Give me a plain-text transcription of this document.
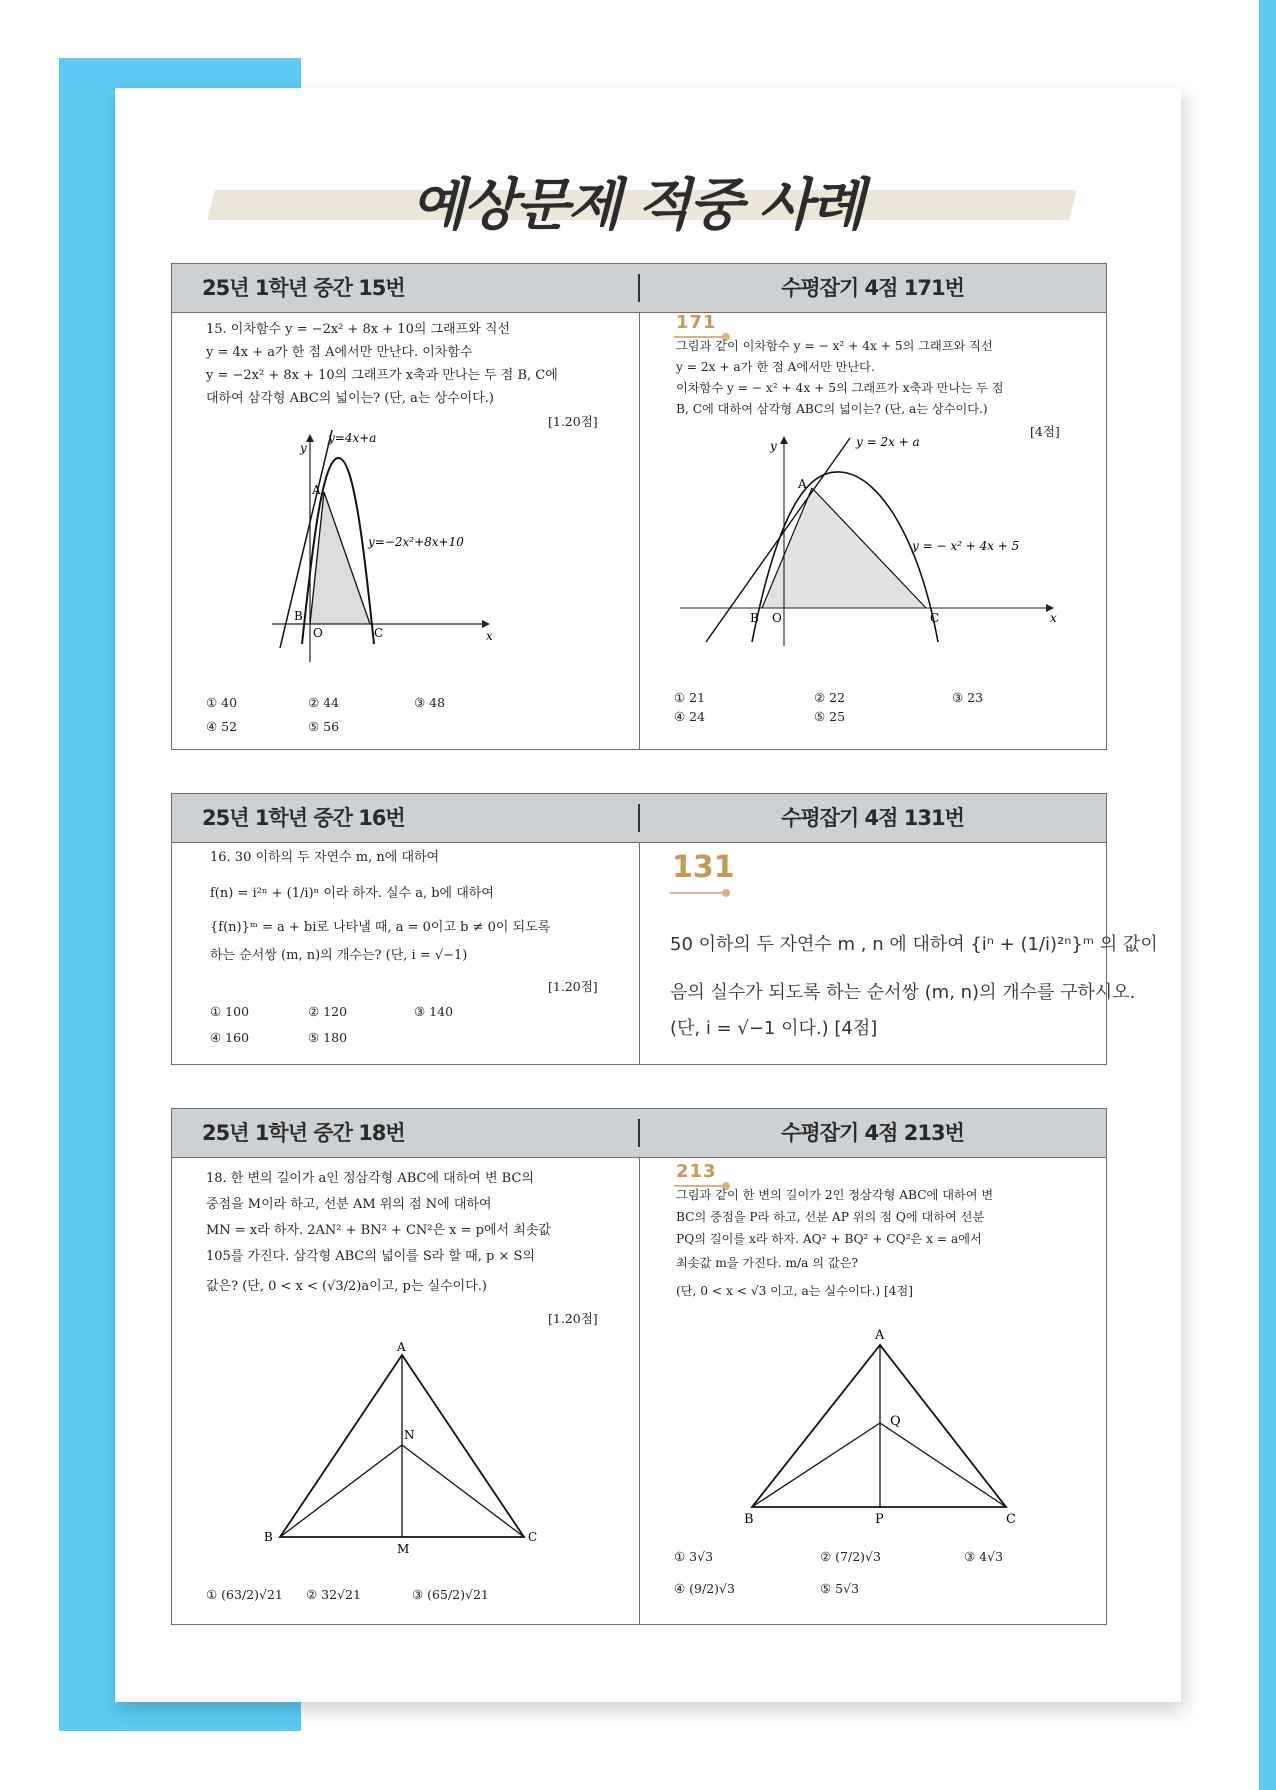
예상문제 적중 사례
25년 1학년 중간 15번	수평잡기 4점 171번
15. 이차함수 y = −2x² + 8x + 10의 그래프와 직선
y = 4x + a가 한 점 A에서만 만난다. 이차함수
y = −2x² + 8x + 10의 그래프가 x축과 만나는 두 점 B, C에
대하여 삼각형 ABC의 넓이는? (단, a는 상수이다.)
[1.20점]
y=4x+a
y
y=−2x²+8x+10
A
B
O	C	x
① 40	② 44	③ 48
④ 52	⑤ 56
171
그림과 같이 이차함수 y = − x² + 4x + 5의 그래프와 직선
y = 2x + a가 한 점 A에서만 만난다.
이차함수 y = − x² + 4x + 5의 그래프가 x축과 만나는 두 점
B, C에 대하여 삼각형 ABC의 넓이는? (단, a는 상수이다.)
[4점]
y = 2x + a
y
y = − x² + 4x + 5
A
B O	C	x
① 21	② 22	③ 23
④ 24	⑤ 25
25년 1학년 중간 16번	수평잡기 4점 131번
16. 30 이하의 두 자연수 m, n에 대하여
f(n) = i²ⁿ + (1/i)ⁿ 이라 하자. 실수 a, b에 대하여
{f(n)}ᵐ = a + bi로 나타낼 때, a = 0이고 b ≠ 0이 되도록
하는 순서쌍 (m, n)의 개수는? (단, i = √−1)
[1.20점]
① 100	② 120	③ 140
④ 160	⑤ 180
131
50 이하의 두 자연수 m , n 에 대하여 {iⁿ + (1/i)²ⁿ}ᵐ 의 값이
음의 실수가 되도록 하는 순서쌍 (m, n)의 개수를 구하시오.
(단, i = √−1 이다.) [4점]
25년 1학년 중간 18번	수평잡기 4점 213번
18. 한 변의 길이가 a인 정삼각형 ABC에 대하여 변 BC의
중점을 M이라 하고, 선분 AM 위의 점 N에 대하여
MN = x라 하자. 2AN² + BN² + CN²은 x = p에서 최솟값
105를 가진다. 삼각형 ABC의 넓이를 S라 할 때, p × S의
값은? (단, 0 < x < (√3/2)a이고, p는 실수이다.)
[1.20점]
A
N
B
M
C
① (63/2)√21 ② 32√21	③ (65/2)√21
213
그림과 같이 한 변의 길이가 2인 정삼각형 ABC에 대하여 변
BC의 중점을 P라 하고, 선분 AP 위의 점 Q에 대하여 선분
PQ의 길이를 x라 하자. AQ² + BQ² + CQ²은 x = a에서
최솟값 m을 가진다. m/a 의 값은?
(단, 0 < x < √3 이고, a는 실수이다.) [4점]
A
Q
B	P	C
① 3√3	② (7/2)√3	③ 4√3
④ (9/2)√3	⑤ 5√3
